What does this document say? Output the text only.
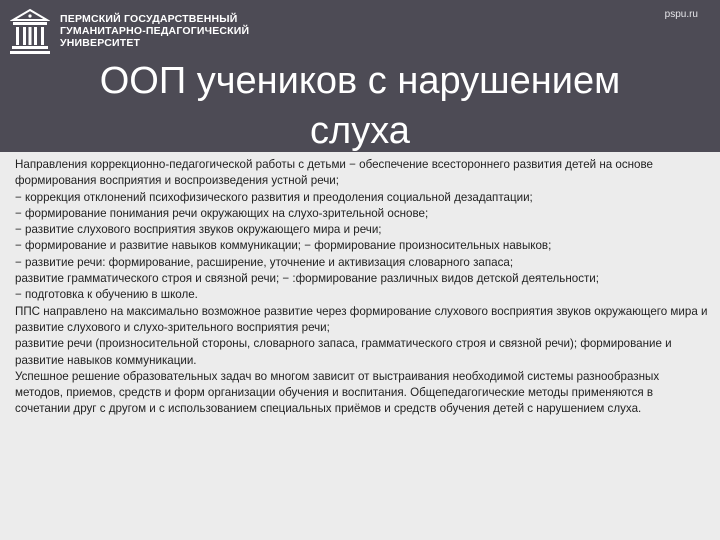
ПЕРМСКИЙ ГОСУДАРСТВЕННЫЙ
ГУМАНИТАРНО-ПЕДАГОГИЧЕСКИЙ
УНИВЕРСИТЕТ
pspu.ru
ООП учеников с нарушением слуха

Направления коррекционно-педагогической работы с детьми − обеспечение всестороннего развития детей на основе формирования восприятия и воспроизведения устной речи;

− коррекция отклонений психофизического развития и преодоления социальной дезадаптации;

− формирование понимания речи окружающих на слухо-зрительной основе;

− развитие слухового восприятия звуков окружающего мира и речи;

− формирование и развитие навыков коммуникации; − формирование произносительных навыков;

− развитие речи: формирование, расширение, уточнение и активизация словарного запаса;

развитие грамматического строя и связной речи; − :формирование различных видов детской деятельности;

− подготовка к обучению в школе.

ППС направлено на максимально возможное развитие через формирование слухового восприятия звуков окружающего мира и развитие слухового и слухо-зрительного восприятия речи;

развитие речи (произносительной стороны, словарного запаса, грамматического строя и связной речи); формирование и развитие навыков коммуникации.

Успешное решение образовательных задач во многом зависит от выстраивания необходимой системы разнообразных методов, приемов, средств и форм организации обучения и воспитания. Общепедагогические методы применяются в сочетании друг с другом и с использованием специальных приёмов и средств обучения детей с нарушением слуха.
